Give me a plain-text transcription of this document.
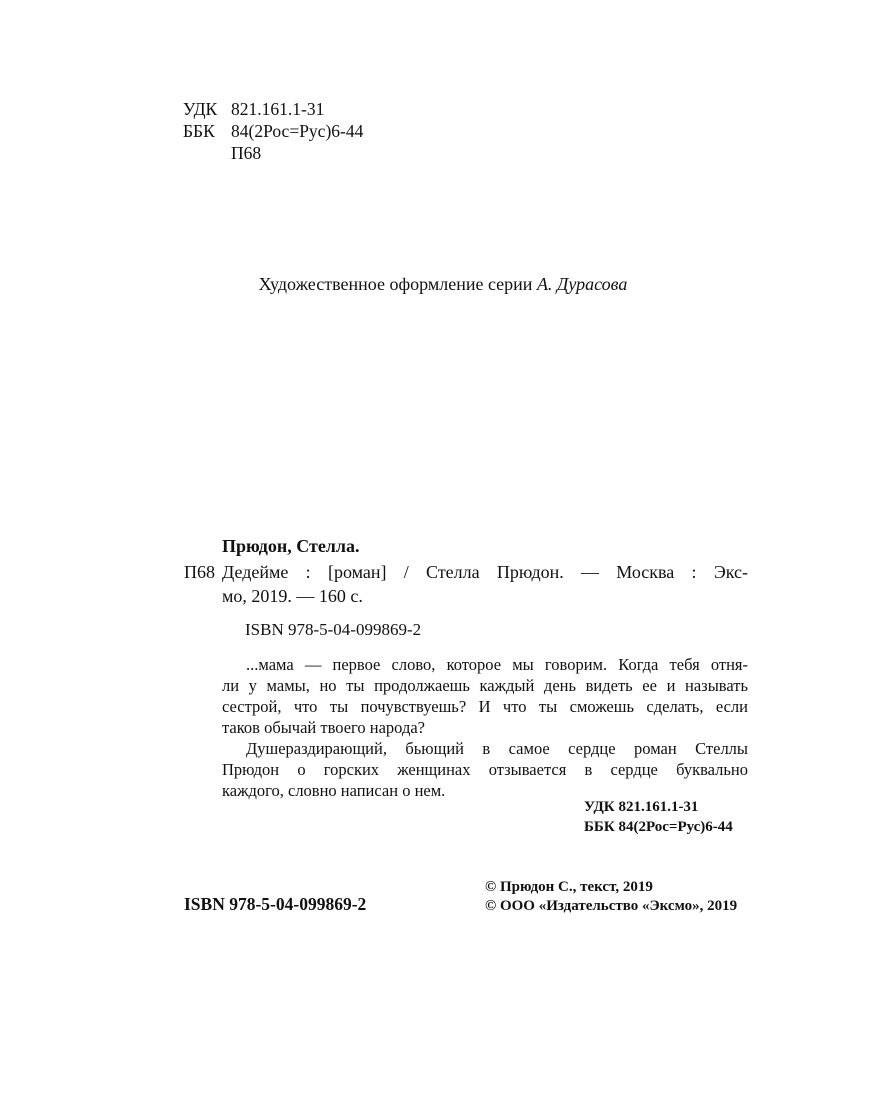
УДК 821.161.1-31
ББК 84(2Рос=Рус)6-44
П68
Художественное оформление серии А. Дурасова
Прюдон, Стелла.
П68 Дедейме : [роман] / Стелла Прюдон. — Москва : Экс-
мо, 2019. — 160 с.
ISBN 978-5-04-099869-2
...мама — первое слово, которое мы говорим. Когда тебя отня-
ли у мамы, но ты продолжаешь каждый день видеть ее и называть
сестрой, что ты почувствуешь? И что ты сможешь сделать, если
таков обычай твоего народа?
Душераздирающий, бьющий в самое сердце роман Стеллы
Прюдон о горских женщинах отзывается в сердце буквально
каждого, словно написан о нем.
УДК 821.161.1-31
ББК 84(2Рос=Рус)6-44
ISBN 978-5-04-099869-2
© Прюдон С., текст, 2019
© ООО «Издательство «Эксмо», 2019
